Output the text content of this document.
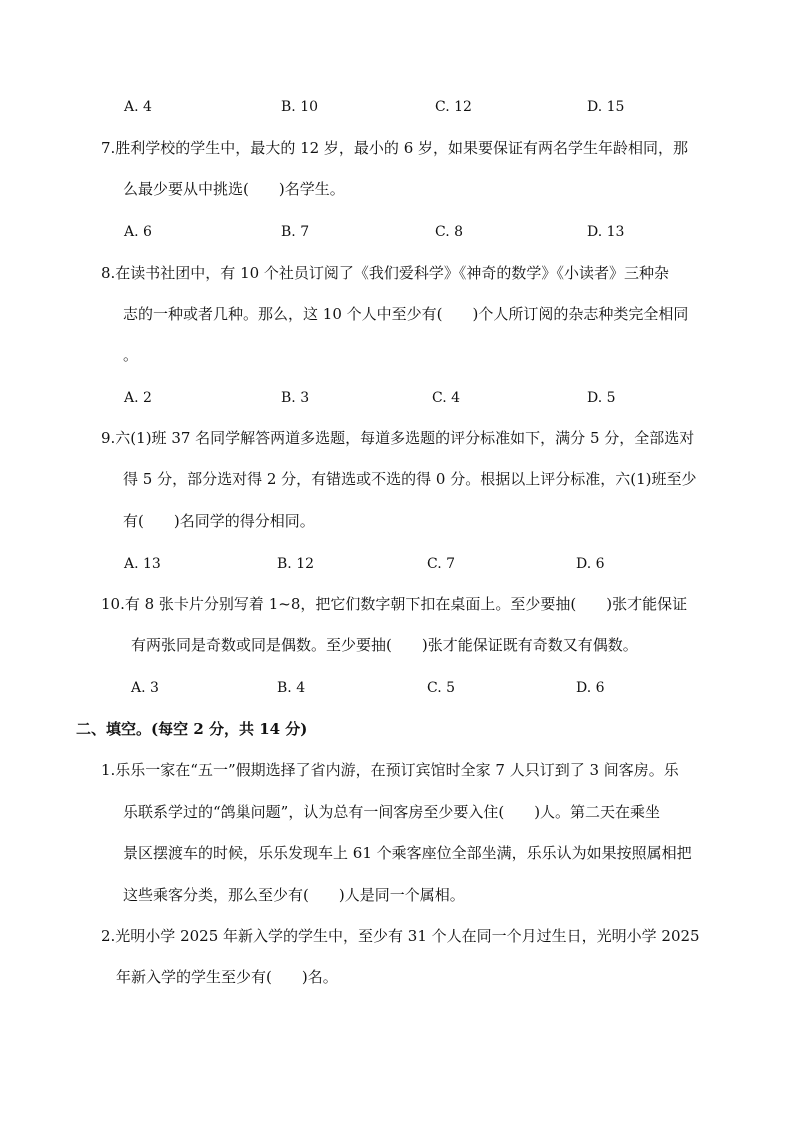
A. 4	B. 10	C. 12	D. 15
7.胜利学校的学生中，最大的 12 岁，最小的 6 岁，如果要保证有两名学生年龄相同，那
么最少要从中挑选(　　)名学生。
A. 6	B. 7	C. 8	D. 13
8.在读书社团中，有 10 个社员订阅了《我们爱科学》《神奇的数学》《小读者》三种杂
志的一种或者几种。那么，这 10 个人中至少有(　　)个人所订阅的杂志种类完全相同
。
A. 2	B. 3	C. 4	D. 5
9.六(1)班 37 名同学解答两道多选题，每道多选题的评分标准如下，满分 5 分，全部选对
得 5 分，部分选对得 2 分，有错选或不选的得 0 分。根据以上评分标准，六(1)班至少
有(　　)名同学的得分相同。
A. 13	B. 12	C. 7	D. 6
10.有 8 张卡片分别写着 1~8，把它们数字朝下扣在桌面上。至少要抽(　　)张才能保证
有两张同是奇数或同是偶数。至少要抽(　　)张才能保证既有奇数又有偶数。
A. 3	B. 4	C. 5	D. 6
二、填空。(每空 2 分，共 14 分)
1.乐乐一家在“五一”假期选择了省内游，在预订宾馆时全家 7 人只订到了 3 间客房。乐
乐联系学过的“鸽巢问题”，认为总有一间客房至少要入住(　　)人。第二天在乘坐
景区摆渡车的时候，乐乐发现车上 61 个乘客座位全部坐满，乐乐认为如果按照属相把
这些乘客分类，那么至少有(　　)人是同一个属相。
2.光明小学 2025 年新入学的学生中，至少有 31 个人在同一个月过生日，光明小学 2025
年新入学的学生至少有(　　)名。
